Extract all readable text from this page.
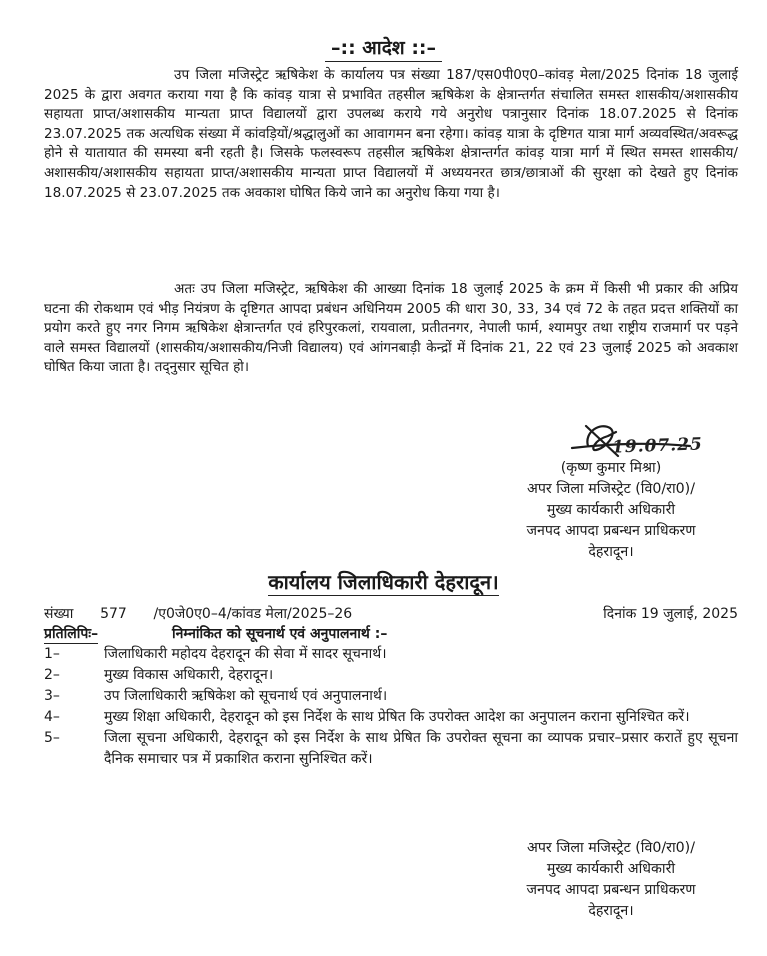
–:: आदेश ::–

उप जिला मजिस्ट्रेट ऋषिकेश के कार्यालय पत्र संख्या 187/एस0पी0ए0–कांवड़ मेला/2025 दिनांक 18 जुलाई 2025 के द्वारा अवगत कराया गया है कि कांवड़ यात्रा से प्रभावित तहसील ऋषिकेश के क्षेत्रान्तर्गत संचालित समस्त शासकीय/अशासकीय सहायता प्राप्त/अशासकीय मान्यता प्राप्त विद्यालयों द्वारा उपलब्ध कराये गये अनुरोध पत्रानुसार दिनांक 18.07.2025 से दिनांक 23.07.2025 तक अत्यधिक संख्या में कांवड़ियों/श्रद्धालुओं का आवागमन बना रहेगा। कांवड़ यात्रा के दृष्टिगत यात्रा मार्ग अव्यवस्थित/अवरूद्ध होने से यातायात की समस्या बनी रहती है। जिसके फलस्वरूप तहसील ऋषिकेश क्षेत्रान्तर्गत कांवड़ यात्रा मार्ग में स्थित समस्त शासकीय/अशासकीय/अशासकीय सहायता प्राप्त/अशासकीय मान्यता प्राप्त विद्यालयों में अध्ययनरत छात्र/छात्राओं की सुरक्षा को देखते हुए दिनांक 18.07.2025 से 23.07.2025 तक अवकाश घोषित किये जाने का अनुरोध किया गया है।

अतः उप जिला मजिस्ट्रेट, ऋषिकेश की आख्या दिनांक 18 जुलाई 2025 के क्रम में किसी भी प्रकार की अप्रिय घटना की रोकथाम एवं भीड़ नियंत्रण के दृष्टिगत आपदा प्रबंधन अधिनियम 2005 की धारा 30, 33, 34 एवं 72 के तहत प्रदत्त शक्तियों का प्रयोग करते हुए नगर निगम ऋषिकेश क्षेत्रान्तर्गत एवं हरिपुरकलां, रायवाला, प्रतीतनगर, नेपाली फार्म, श्यामपुर तथा राष्ट्रीय राजमार्ग पर पड़ने वाले समस्त विद्यालयों (शासकीय/अशासकीय/निजी विद्यालय) एवं आंगनबाड़ी केन्द्रों में दिनांक 21, 22 एवं 23 जुलाई 2025 को अवकाश घोषित किया जाता है। तद्नुसार सूचित हो।

19.07.25
(कृष्ण कुमार मिश्रा)
अपर जिला मजिस्ट्रेट (वि0/रा0)/
मुख्य कार्यकारी अधिकारी
जनपद आपदा प्रबन्धन प्राधिकरण
देहरादून।
कार्यालय जिलाधिकारी देहरादून।
संख्या      577      /ए0जे0ए0–4/कांवड मेला/2025–26	दिनांक 19 जुलाई, 2025
प्रतिलिपिः–	निम्नांकित को सूचनार्थ एवं अनुपालनार्थ :–
1–	जिलाधिकारी महोदय देहरादून की सेवा में सादर सूचनार्थ।
2–	मुख्य विकास अधिकारी, देहरादून।
3–	उप जिलाधिकारी ऋषिकेश को सूचनार्थ एवं अनुपालनार्थ।
4–	मुख्य शिक्षा अधिकारी, देहरादून को इस निर्देश के साथ प्रेषित कि उपरोक्त आदेश का अनुपालन कराना सुनिश्चित करें।
5–	जिला सूचना अधिकारी, देहरादून को इस निर्देश के साथ प्रेषित कि उपरोक्त सूचना का व्यापक प्रचार–प्रसार करातें हुए सूचना दैनिक समाचार पत्र में प्रकाशित कराना सुनिश्चित करें।
अपर जिला मजिस्ट्रेट (वि0/रा0)/
मुख्य कार्यकारी अधिकारी
जनपद आपदा प्रबन्धन प्राधिकरण
देहरादून।
